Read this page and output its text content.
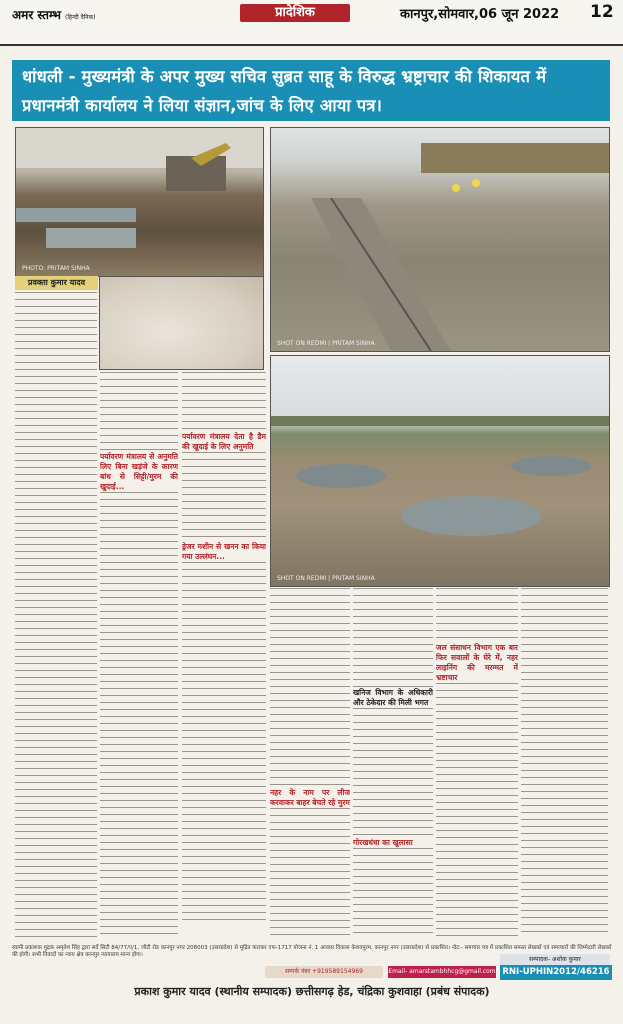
अमर स्तम्भ (हिन्दी दैनिक)	प्रादेशिक	कानपुर,सोमवार,06 जून 2022 12
धांधली - मुख्यमंत्री के अपर मुख्य सचिव सुब्रत साहू के विरुद्ध भ्रष्ट्राचार की शिकायत में प्रधानमंत्री कार्यालय ने लिया संज्ञान,जांच के लिए आया पत्र।
PHOTO: PRITAM SINHA
प्रवक्ता कुमार यादव
SHOT ON REDMI | PRITAM SINHA
SHOT ON REDMI | PRITAM SINHA
पर्यावरण मंत्रालय से अनुमति लिए बिना खड़ंजे के कारण बांध से सिट्टी/मुरम की खुदाई...
पर्यावरण मंत्रालय देता है डैम की खुदाई के लिए अनुमति
ड्रेजर मशीन से खनन का किया गया उल्लंघन...
नहर के नाम पर लीज करवाकर बाहर बेचते रहे मुरम
खनिज विभाग के अधिकारी और ठेकेदार की मिली भगत
गोरखधंधा का खुलासा
जल संसाधन विभाग एक बार फिर सवालों के घेरे में, नहर लाइनिंग की मरम्मत में भ्रष्टाचार
स्वामी प्रकाशक मुद्रक अमृतेश सिंह द्वारा सर्वे सिटी 84/77/ए/1, जौटी रोड कानपुर नगर 208003 (उत्तरप्रदेश) से मुद्रित कराकर एफ-1717 योजना नं. 1 आवास विकास केशवपुरम, कानपुर नगर (उत्तरप्रदेश) से प्रकाशित। नोट:- समाचार पत्र में प्रकाशित समस्त लेखकों एवं समाचारों की जिम्मेदारी लेखकों की होगी। सभी विवादों का न्याय क्षेत्र कानपुर न्यायालय मान्य होगा।
सम्पर्क नंबर +919589154969	Email- amarstambhhcg@gmail.com
सम्पादक- अशोक कुमार
RNI-UPHIN2012/46216
प्रकाश कुमार यादव (स्थानीय सम्पादक) छत्तीसगढ़ हेड, चंद्रिका कुशवाहा (प्रबंध संपादक)
